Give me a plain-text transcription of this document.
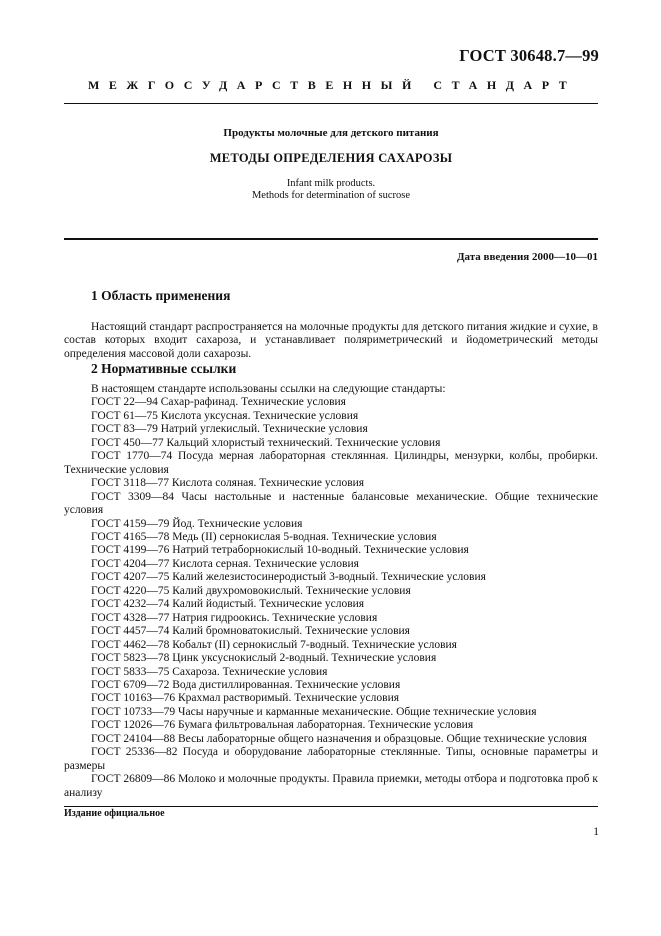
ГОСТ 30648.7—99
МЕЖГОСУДАРСТВЕННЫЙ СТАНДАРТ
Продукты молочные для детского питания
МЕТОДЫ ОПРЕДЕЛЕНИЯ САХАРОЗЫ
Infant milk products.
Methods for determination of sucrose
Дата введения 2000—10—01
1 Область применения
Настоящий стандарт распространяется на молочные продукты для детского питания жидкие и сухие, в состав которых входит сахароза, и устанавливает поляриметрический и йодометрический методы определения массовой доли сахарозы.
2 Нормативные ссылки
В настоящем стандарте использованы ссылки на следующие стандарты:
ГОСТ 22—94 Сахар-рафинад. Технические условия
ГОСТ 61—75 Кислота уксусная. Технические условия
ГОСТ 83—79 Натрий углекислый. Технические условия
ГОСТ 450—77 Кальций хлористый технический. Технические условия
ГОСТ 1770—74 Посуда мерная лабораторная стеклянная. Цилиндры, мензурки, колбы, пробирки. Технические условия
ГОСТ 3118—77 Кислота соляная. Технические условия
ГОСТ 3309—84 Часы настольные и настенные балансовые механические. Общие технические условия
ГОСТ 4159—79 Йод. Технические условия
ГОСТ 4165—78 Медь (II) сернокислая 5-водная. Технические условия
ГОСТ 4199—76 Натрий тетраборнокислый 10-водный. Технические условия
ГОСТ 4204—77 Кислота серная. Технические условия
ГОСТ 4207—75 Калий железистосинеродистый 3-водный. Технические условия
ГОСТ 4220—75 Калий двухромовокислый. Технические условия
ГОСТ 4232—74 Калий йодистый. Технические условия
ГОСТ 4328—77 Натрия гидроокись. Технические условия
ГОСТ 4457—74 Калий бромноватокислый. Технические условия
ГОСТ 4462—78 Кобальт (II) сернокислый 7-водный. Технические условия
ГОСТ 5823—78 Цинк уксуснокислый 2-водный. Технические условия
ГОСТ 5833—75 Сахароза. Технические условия
ГОСТ 6709—72 Вода дистиллированная. Технические условия
ГОСТ 10163—76 Крахмал растворимый. Технические условия
ГОСТ 10733—79 Часы наручные и карманные механические. Общие технические условия
ГОСТ 12026—76 Бумага фильтровальная лабораторная. Технические условия
ГОСТ 24104—88 Весы лабораторные общего назначения и образцовые. Общие технические условия
ГОСТ 25336—82 Посуда и оборудование лабораторные стеклянные. Типы, основные параметры и размеры
ГОСТ 26809—86 Молоко и молочные продукты. Правила приемки, методы отбора и подготовка проб к анализу
Издание официальное
1
